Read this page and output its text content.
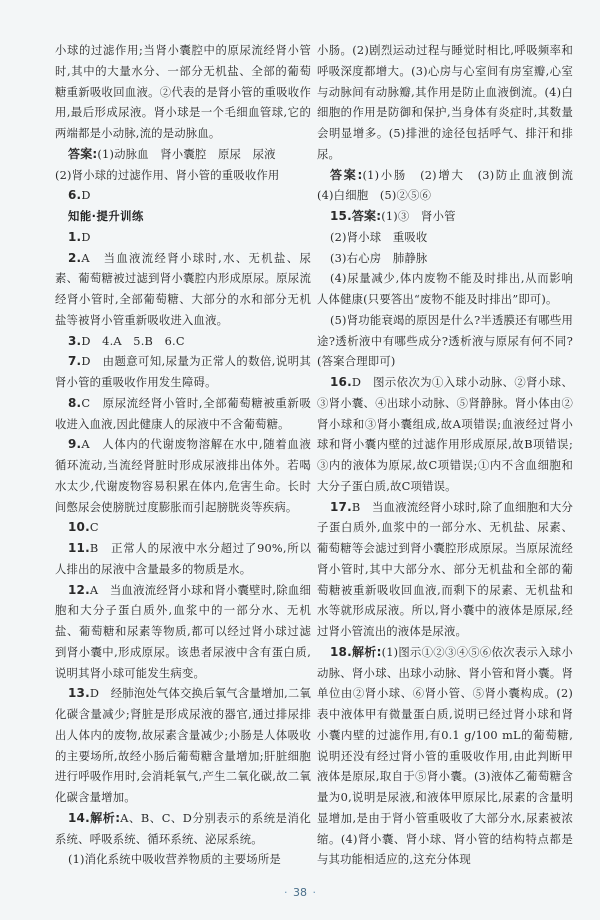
小球的过滤作用;当肾小囊腔中的原尿流经肾小管时,其中的大量水分、一部分无机盐、全部的葡萄糖重新吸收回血液。②代表的是肾小管的重吸收作用,最后形成尿液。肾小球是一个毛细血管球,它的两端都是小动脉,流的是动脉血。

答案:(1)动脉血　肾小囊腔　原尿　尿液

(2)肾小球的过滤作用、肾小管的重吸收作用

6.D

知能·提升训练

1.D

2.A　当血液流经肾小球时,水、无机盐、尿素、葡萄糖被过滤到肾小囊腔内形成原尿。原尿流经肾小管时,全部葡萄糖、大部分的水和部分无机盐等被肾小管重新吸收进入血液。

3.D　4.A　5.B　6.C

7.D　由题意可知,尿量为正常人的数倍,说明其肾小管的重吸收作用发生障碍。

8.C　原尿流经肾小管时,全部葡萄糖被重新吸收进入血液,因此健康人的尿液中不含葡萄糖。

9.A　人体内的代谢废物溶解在水中,随着血液循环流动,当流经肾脏时形成尿液排出体外。若喝水太少,代谢废物容易积累在体内,危害生命。长时间憋尿会使膀胱过度膨胀而引起膀胱炎等疾病。

10.C

11.B　正常人的尿液中水分超过了90%,所以人排出的尿液中含量最多的物质是水。

12.A　当血液流经肾小球和肾小囊壁时,除血细胞和大分子蛋白质外,血浆中的一部分水、无机盐、葡萄糖和尿素等物质,都可以经过肾小球过滤到肾小囊中,形成原尿。该患者尿液中含有蛋白质,说明其肾小球可能发生病变。

13.D　经肺泡处气体交换后氧气含量增加,二氧化碳含量减少;肾脏是形成尿液的器官,通过排尿排出人体内的废物,故尿素含量减少;小肠是人体吸收的主要场所,故经小肠后葡萄糖含量增加;肝脏细胞进行呼吸作用时,会消耗氧气,产生二氧化碳,故二氧化碳含量增加。

14.解析:A、B、C、D分别表示的系统是消化系统、呼吸系统、循环系统、泌尿系统。

(1)消化系统中吸收营养物质的主要场所是

小肠。(2)剧烈运动过程与睡觉时相比,呼吸频率和呼吸深度都增大。(3)心房与心室间有房室瓣,心室与动脉间有动脉瓣,其作用是防止血液倒流。(4)白细胞的作用是防御和保护,当身体有炎症时,其数量会明显增多。(5)排泄的途径包括呼气、排汗和排尿。

答案:(1)小肠　(2)增大　(3)防止血液倒流　(4)白细胞　(5)②⑤⑥

15.答案:(1)③　肾小管

(2)肾小球　重吸收

(3)右心房　肺静脉

(4)尿量减少,体内废物不能及时排出,从而影响人体健康(只要答出“废物不能及时排出”即可)。

(5)肾功能衰竭的原因是什么?半透膜还有哪些用途?透析液中有哪些成分?透析液与原尿有何不同?(答案合理即可)

16.D　图示依次为①入球小动脉、②肾小球、③肾小囊、④出球小动脉、⑤肾静脉。肾小体由②肾小球和③肾小囊组成,故A项错误;血液经过肾小球和肾小囊内壁的过滤作用形成原尿,故B项错误;③内的液体为原尿,故C项错误;①内不含血细胞和大分子蛋白质,故C项错误。

17.B　当血液流经肾小球时,除了血细胞和大分子蛋白质外,血浆中的一部分水、无机盐、尿素、葡萄糖等会滤过到肾小囊腔形成原尿。当原尿流经肾小管时,其中大部分水、部分无机盐和全部的葡萄糖被重新吸收回血液,而剩下的尿素、无机盐和水等就形成尿液。所以,肾小囊中的液体是原尿,经过肾小管流出的液体是尿液。

18.解析:(1)图示①②③④⑤⑥依次表示入球小动脉、肾小球、出球小动脉、肾小管和肾小囊。肾单位由②肾小球、⑥肾小管、⑤肾小囊构成。(2)表中液体甲有微量蛋白质,说明已经过肾小球和肾小囊内壁的过滤作用,有0.1 g/100 mL的葡萄糖,说明还没有经过肾小管的重吸收作用,由此判断甲液体是原尿,取自于⑤肾小囊。(3)液体乙葡萄糖含量为0,说明是尿液,和液体甲原尿比,尿素的含量明显增加,是由于肾小管重吸收了大部分水,尿素被浓缩。(4)肾小囊、肾小球、肾小管的结构特点都是与其功能相适应的,这充分体现

· 38 ·
